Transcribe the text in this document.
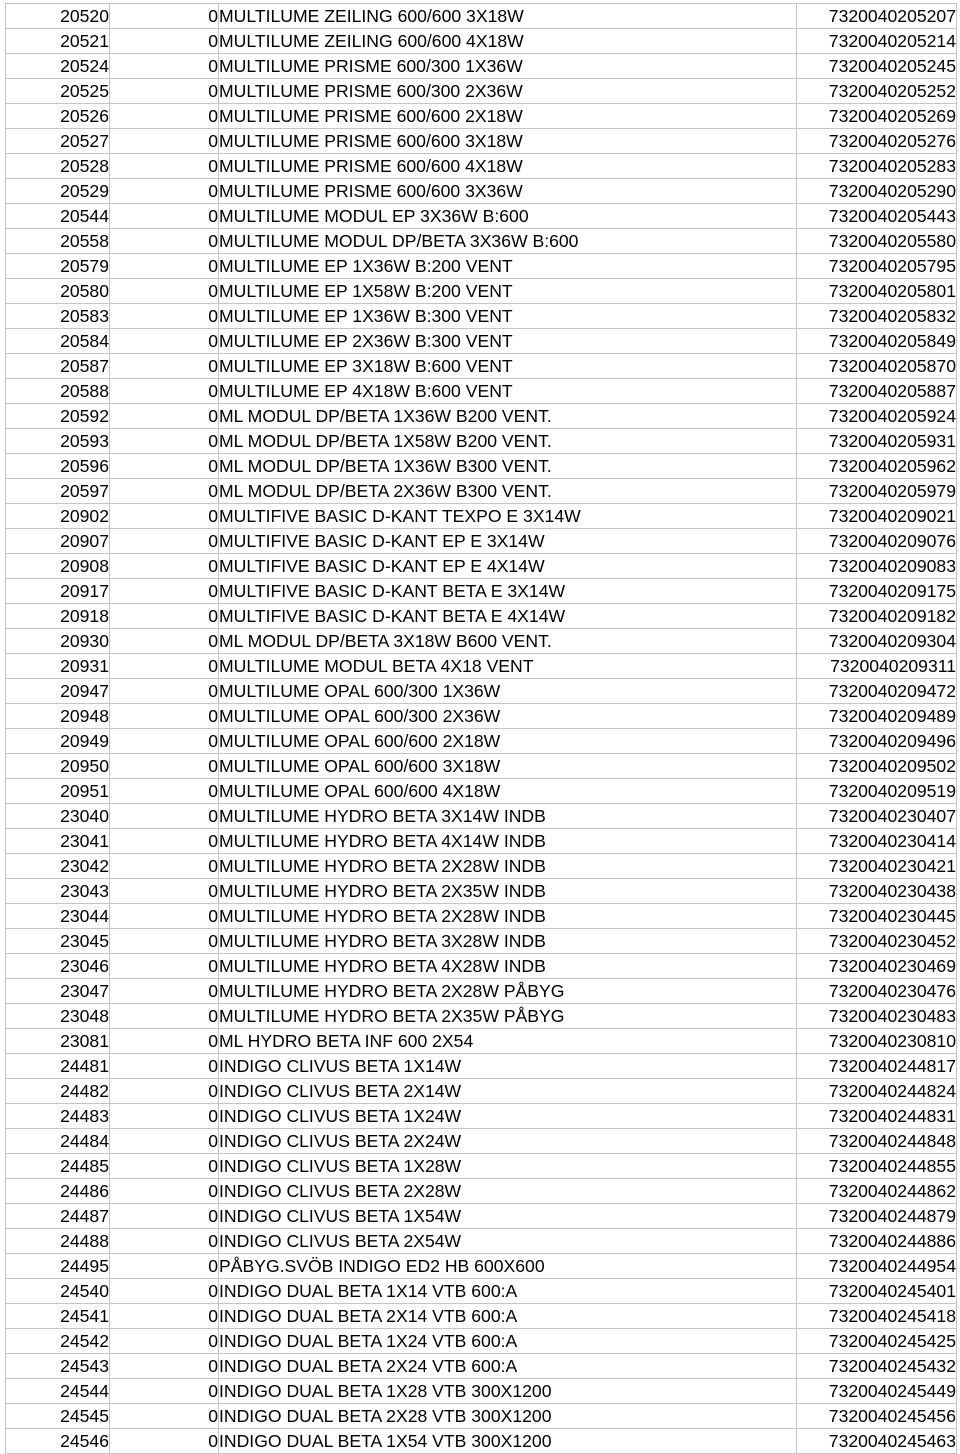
20520	0	MULTILUME ZEILING 600/600 3X18W	7320040205207
20521	0	MULTILUME ZEILING 600/600 4X18W	7320040205214
20524	0	MULTILUME PRISME 600/300 1X36W	7320040205245
20525	0	MULTILUME PRISME 600/300 2X36W	7320040205252
20526	0	MULTILUME PRISME 600/600 2X18W	7320040205269
20527	0	MULTILUME PRISME 600/600 3X18W	7320040205276
20528	0	MULTILUME PRISME 600/600 4X18W	7320040205283
20529	0	MULTILUME PRISME 600/600 3X36W	7320040205290
20544	0	MULTILUME MODUL EP 3X36W B:600	7320040205443
20558	0	MULTILUME MODUL DP/BETA 3X36W B:600	7320040205580
20579	0	MULTILUME EP 1X36W B:200 VENT	7320040205795
20580	0	MULTILUME EP 1X58W B:200 VENT	7320040205801
20583	0	MULTILUME EP 1X36W B:300 VENT	7320040205832
20584	0	MULTILUME EP 2X36W B:300 VENT	7320040205849
20587	0	MULTILUME EP 3X18W B:600 VENT	7320040205870
20588	0	MULTILUME EP 4X18W B:600 VENT	7320040205887
20592	0	ML MODUL DP/BETA 1X36W B200 VENT.	7320040205924
20593	0	ML MODUL DP/BETA 1X58W B200 VENT.	7320040205931
20596	0	ML MODUL DP/BETA 1X36W B300 VENT.	7320040205962
20597	0	ML MODUL DP/BETA 2X36W B300 VENT.	7320040205979
20902	0	MULTIFIVE BASIC D-KANT TEXPO E 3X14W	7320040209021
20907	0	MULTIFIVE BASIC D-KANT EP E 3X14W	7320040209076
20908	0	MULTIFIVE BASIC D-KANT EP E 4X14W	7320040209083
20917	0	MULTIFIVE BASIC D-KANT BETA E 3X14W	7320040209175
20918	0	MULTIFIVE BASIC D-KANT BETA E 4X14W	7320040209182
20930	0	ML MODUL DP/BETA 3X18W B600 VENT.	7320040209304
20931	0	MULTILUME MODUL BETA 4X18 VENT	7320040209311
20947	0	MULTILUME OPAL 600/300 1X36W	7320040209472
20948	0	MULTILUME OPAL 600/300 2X36W	7320040209489
20949	0	MULTILUME OPAL 600/600 2X18W	7320040209496
20950	0	MULTILUME OPAL 600/600 3X18W	7320040209502
20951	0	MULTILUME OPAL 600/600 4X18W	7320040209519
23040	0	MULTILUME HYDRO BETA 3X14W INDB	7320040230407
23041	0	MULTILUME HYDRO BETA 4X14W INDB	7320040230414
23042	0	MULTILUME HYDRO BETA 2X28W INDB	7320040230421
23043	0	MULTILUME HYDRO BETA 2X35W INDB	7320040230438
23044	0	MULTILUME HYDRO BETA 2X28W INDB	7320040230445
23045	0	MULTILUME HYDRO BETA 3X28W INDB	7320040230452
23046	0	MULTILUME HYDRO BETA 4X28W INDB	7320040230469
23047	0	MULTILUME HYDRO BETA 2X28W PÅBYG	7320040230476
23048	0	MULTILUME HYDRO BETA 2X35W PÅBYG	7320040230483
23081	0	ML HYDRO BETA INF 600 2X54	7320040230810
24481	0	INDIGO CLIVUS BETA 1X14W	7320040244817
24482	0	INDIGO CLIVUS BETA 2X14W	7320040244824
24483	0	INDIGO CLIVUS BETA 1X24W	7320040244831
24484	0	INDIGO CLIVUS BETA 2X24W	7320040244848
24485	0	INDIGO CLIVUS BETA 1X28W	7320040244855
24486	0	INDIGO CLIVUS BETA 2X28W	7320040244862
24487	0	INDIGO CLIVUS BETA 1X54W	7320040244879
24488	0	INDIGO CLIVUS BETA 2X54W	7320040244886
24495	0	PÅBYG.SVÖB INDIGO ED2 HB 600X600	7320040244954
24540	0	INDIGO DUAL BETA 1X14 VTB 600:A	7320040245401
24541	0	INDIGO DUAL BETA 2X14 VTB 600:A	7320040245418
24542	0	INDIGO DUAL BETA 1X24 VTB 600:A	7320040245425
24543	0	INDIGO DUAL BETA 2X24 VTB 600:A	7320040245432
24544	0	INDIGO DUAL BETA 1X28 VTB 300X1200	7320040245449
24545	0	INDIGO DUAL BETA 2X28 VTB 300X1200	7320040245456
24546	0	INDIGO DUAL BETA 1X54 VTB 300X1200	7320040245463
